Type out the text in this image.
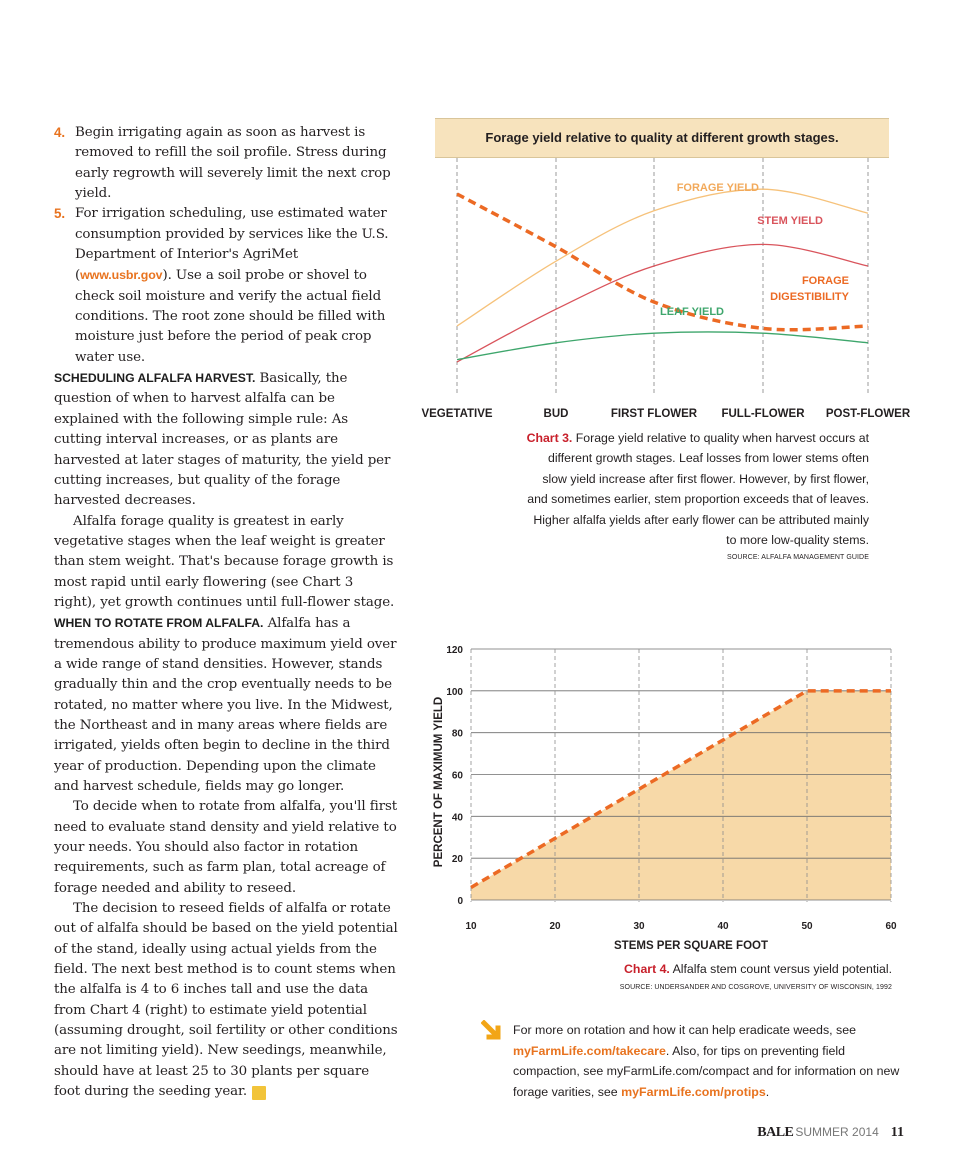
4. Begin irrigating again as soon as harvest is removed to refill the soil profile. Stress during early regrowth will severely limit the next crop yield.

5. For irrigation scheduling, use estimated water consumption provided by services like the U.S. Department of Interior's AgriMet (www.usbr.gov). Use a soil probe or shovel to check soil moisture and verify the actual field conditions. The root zone should be filled with moisture just before the period of peak crop water use.

SCHEDULING ALFALFA HARVEST. Basically, the question of when to harvest alfalfa can be explained with the following simple rule: As cutting interval increases, or as plants are harvested at later stages of maturity, the yield per cutting increases, but quality of the forage harvested decreases.

Alfalfa forage quality is greatest in early vegetative stages when the leaf weight is greater than stem weight. That's because forage growth is most rapid until early flowering (see Chart 3 right), yet growth continues until full-flower stage.

WHEN TO ROTATE FROM ALFALFA. Alfalfa has a tremendous ability to produce maximum yield over a wide range of stand densities. However, stands gradually thin and the crop eventually needs to be rotated, no matter where you live. In the Midwest, the Northeast and in many areas where fields are irrigated, yields often begin to decline in the third year of production. Depending upon the climate and harvest schedule, fields may go longer.

To decide when to rotate from alfalfa, you'll first need to evaluate stand density and yield relative to your needs. You should also factor in rotation requirements, such as farm plan, total acreage of forage needed and ability to reseed.

The decision to reseed fields of alfalfa or rotate out of alfalfa should be based on the yield potential of the stand, ideally using actual yields from the field. The next best method is to count stems when the alfalfa is 4 to 6 inches tall and use the data from Chart 4 (right) to estimate yield potential (assuming drought, soil fertility or other conditions are not limiting yield). New seedings, meanwhile, should have at least 25 to 30 plants per square foot during the seeding year. B

Forage yield relative to quality at different growth stages.
FORAGE YIELD
STEM YIELD
LEAF YIELD
FORAGE DIGESTIBILITY
VEGETATIVE	BUD	FIRST FLOWER FULL-FLOWER POST-FLOWER
Chart 3. Forage yield relative to quality when harvest occurs at different growth stages. Leaf losses from lower stems often slow yield increase after first flower. However, by first flower, and sometimes earlier, stem proportion exceeds that of leaves. Higher alfalfa yields after early flower can be attributed mainly to more low-quality stems.
SOURCE: ALFALFA MANAGEMENT GUIDE
0
20
40
60
80
100
120
10	20	30	40	50	60
STEMS PER SQUARE FOOT
PERCENT OF MAXIMUM YIELD
Chart 4. Alfalfa stem count versus yield potential.
SOURCE: UNDERSANDER AND COSGROVE, UNIVERSITY OF WISCONSIN, 1992
For more on rotation and how it can help eradicate weeds, see myFarmLife.com/takecare. Also, for tips on preventing field compaction, see myFarmLife.com/compact and for information on new forage varities, see myFarmLife.com/protips.
BALE SUMMER 2014 11
